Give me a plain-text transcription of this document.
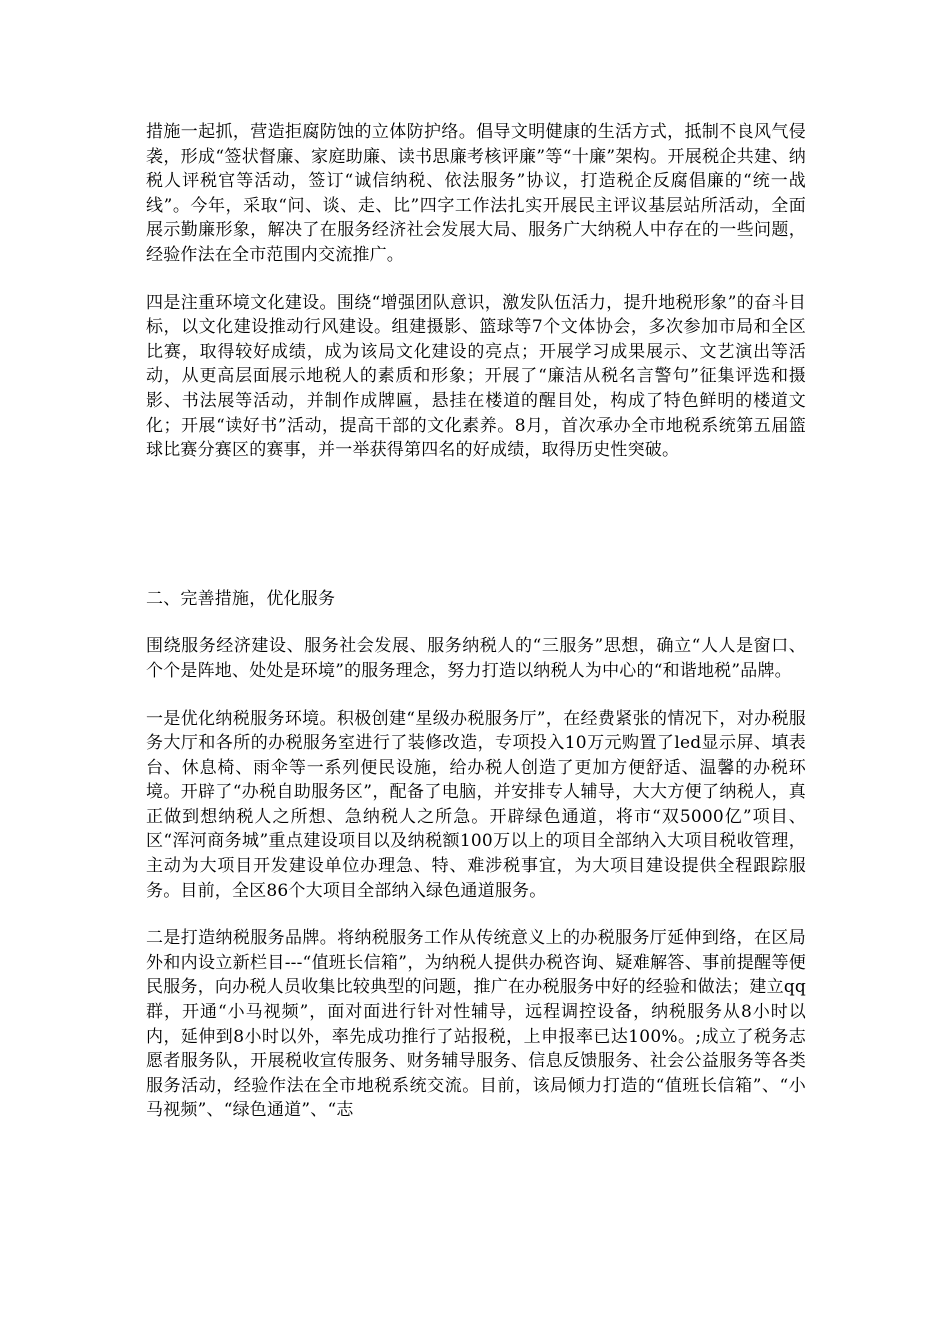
措施一起抓，营造拒腐防蚀的立体防护络。倡导文明健康的生活方式，抵制不良风气侵袭，形成“签状督廉、家庭助廉、读书思廉考核评廉”等“十廉”架构。开展税企共建、纳税人评税官等活动，签订“诚信纳税、依法服务”协议，打造税企反腐倡廉的“统一战线”。今年，采取“问、谈、走、比”四字工作法扎实开展民主评议基层站所活动，全面展示勤廉形象，解决了在服务经济社会发展大局、服务广大纳税人中存在的一些问题，经验作法在全市范围内交流推广。

四是注重环境文化建设。围绕“增强团队意识，激发队伍活力，提升地税形象”的奋斗目标，以文化建设推动行风建设。组建摄影、篮球等7个文体协会，多次参加市局和全区比赛，取得较好成绩，成为该局文化建设的亮点；开展学习成果展示、文艺演出等活动，从更高层面展示地税人的素质和形象；开展了“廉洁从税名言警句”征集评选和摄影、书法展等活动，并制作成牌匾，悬挂在楼道的醒目处，构成了特色鲜明的楼道文化；开展“读好书”活动，提高干部的文化素养。8月，首次承办全市地税系统第五届篮球比赛分赛区的赛事，并一举获得第四名的好成绩，取得历史性突破。

二、完善措施，优化服务

围绕服务经济建设、服务社会发展、服务纳税人的“三服务”思想，确立“人人是窗口、个个是阵地、处处是环境”的服务理念，努力打造以纳税人为中心的“和谐地税”品牌。

一是优化纳税服务环境。积极创建“星级办税服务厅”，在经费紧张的情况下，对办税服务大厅和各所的办税服务室进行了装修改造，专项投入10万元购置了led显示屏、填表台、休息椅、雨伞等一系列便民设施，给办税人创造了更加方便舒适、温馨的办税环境。开辟了“办税自助服务区”，配备了电脑，并安排专人辅导，大大方便了纳税人，真正做到想纳税人之所想、急纳税人之所急。开辟绿色通道，将市“双5000亿”项目、区“浑河商务城”重点建设项目以及纳税额100万以上的项目全部纳入大项目税收管理，主动为大项目开发建设单位办理急、特、难涉税事宜，为大项目建设提供全程跟踪服务。目前，全区86个大项目全部纳入绿色通道服务。

二是打造纳税服务品牌。将纳税服务工作从传统意义上的办税服务厅延伸到络，在区局外和内设立新栏目---“值班长信箱”，为纳税人提供办税咨询、疑难解答、事前提醒等便民服务，向办税人员收集比较典型的问题，推广在办税服务中好的经验和做法；建立qq群，开通“小马视频”，面对面进行针对性辅导，远程调控设备，纳税服务从8小时以内，延伸到8小时以外，率先成功推行了站报税，上申报率已达100%。;成立了税务志愿者服务队，开展税收宣传服务、财务辅导服务、信息反馈服务、社会公益服务等各类服务活动，经验作法在全市地税系统交流。目前，该局倾力打造的“值班长信箱”、“小马视频”、“绿色通道”、“志
